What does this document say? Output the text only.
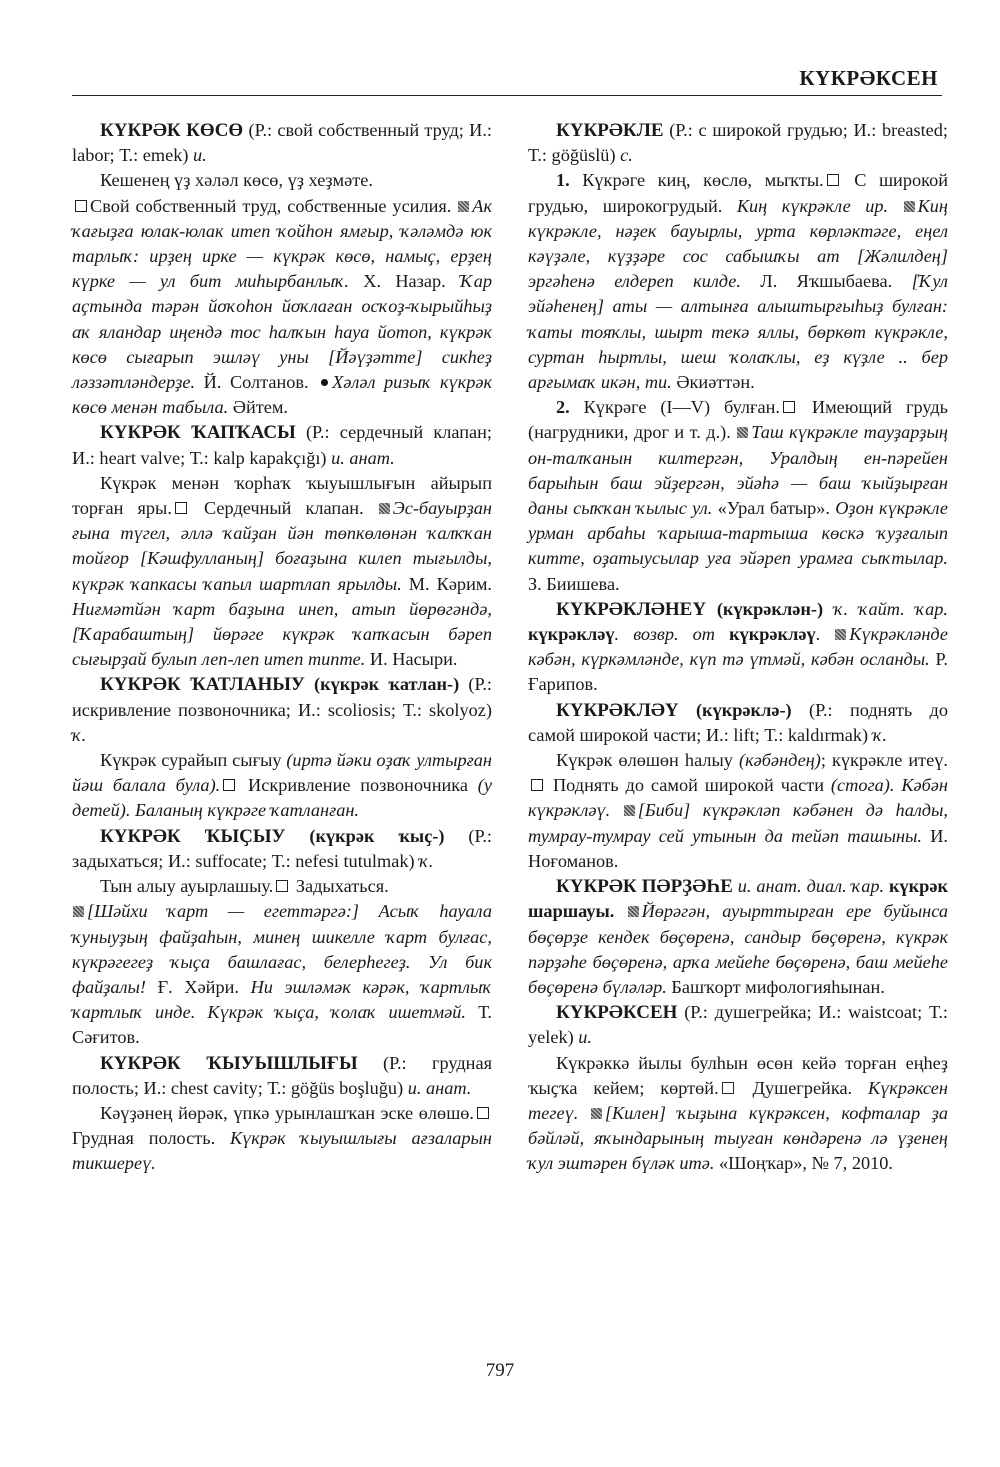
КҮКРӘКСЕН

КҮКРӘК КӨСӨ (Р.: свой собственный труд; И.: labor; Т.: emek) и.

Кешенең үҙ хәләл көсө, үҙ хеҙмәте.

Свой собственный труд, собственные усилия. Ак ҡағыҙға юлак-юлак итеп ҡойһон ямғыр, ҡәләмдә юк тарлыҡ: ирҙең ирке — күкрәк көсө, намыҫ, ерҙең күрке — ул бит миһырбанлыҡ. Х. Назар. Ҡар аҫтында тәрән йоҡоһон йоҡлаған осҡоҙ-ҡырыйһыҙ аҡ яландар иңендә тос һалҡын һауа йотоп, күкрәк көсө сығарып эшләү уны [Йәүҙәтте] сикһеҙ ләззәтләндерҙе. Й. Солтанов. Хәләл ризыҡ күкрәк көсө менән табыла. Әйтем.

КҮКРӘК ҠАПҠАСЫ (Р.: сердечный клапан; И.: heart valve; Т.: kalp kapakçığı) и. анат.

Күкрәк менән ҡорһаҡ ҡыуышлығын айырып торған яры. Сердечный клапан. Эс-бауырҙан ғына түгел, әллә ҡайҙан йән төпкөлөнән ҡалҡҡан тойғор [Кәшфулланың] боғаҙына килеп тығылды, күкрәк ҡапкасы ҡапыл шартлап ярылды. М. Кәрим. Ниғмәтйән ҡарт баҙына инеп, атып йөрөгәндә, [Ҡарабаштың] йөрәге күкрәк ҡапҡасын бәреп сығырҙай булып леп-леп итеп типте. И. Насыри.

КҮКРӘК ҠАТЛАНЫУ (күкрәк ҡатлан-) (Р.: искривление позвоночника; И.: scoliosis; Т.: skolyoz) ҡ.

Күкрәк сурайып сығыу (иртә йәки оҙаҡ ултырған йәш балала була). Искривление позвоночника (у детей). Баланың күкрәге ҡатланған.

КҮКРӘК ҠЫҪЫУ (күкрәк ҡыҫ-) (Р.: задыхаться; И.: suffocate; Т.: nefesi tutulmak) ҡ.

Тын алыу ауырлашыу. Задыхаться.

[Шәйхи ҡарт — егеттәргә:] Асыҡ һауала ҡуныуҙың файҙаһын, минең шикелле ҡарт булғас, күкрәгегеҙ ҡыҫа башлағас, белерһегеҙ. Ул бик файҙалы! Ғ. Хәйри. Ни эшләмәк кәрәк, ҡартлыҡ ҡартлыҡ инде. Күкрәк ҡыҫа, ҡолаҡ ишетмәй. Т. Сәғитов.

КҮКРӘК ҠЫУЫШЛЫҒЫ (Р.: грудная полость; И.: chest cavity; Т.: göğüs boşluğu) и. анат.

Кәүҙәнең йөрәк, үпкә урынлашҡан эске өлөшө. Грудная полость. Күкрәк ҡыуышлығы ағзаларын тикшереү.

КҮКРӘКЛЕ (Р.: с широкой грудью; И.: breasted; Т.: göğüslü) с.

1. Күкрәге киң, көслө, мыҡты. С широкой грудью, широкогрудый. Киң күкрәкле ир. Киң күкрәкле, нәҙек бауырлы, урта көрләктәге, еңел кәүҙәле, күҙҙәре сос сабышҡы ат [Жәлилдең] эргәһенә елдереп килде. Л. Яҡшыбаева. [Ҡул эйәһенең] аты — алтынға алыштырғыһыҙ булған: ҡаты тояҡлы, шырт текә яллы, бөркөт күкрәкле, суртан һыртлы, шеш ҡолаҡлы, еҙ күҙле .. бер арғымаҡ икән, ти. Әкиәттән.

2. Күкрәге (I—V) булған. Имеющий грудь (нагрудники, дрог и т. д.). Таш күкрәкле тауҙарҙың он-талҡанын килтергән, Уралдың ен-пәрейен барыһын баш эйҙергән, эйәһә — баш ҡыйҙырған даны сыҡҡан ҡылыс ул. «Урал батыр». Оҙон күкрәкле урман арбаһы ҡарыша-тартыша көскә ҡуҙғалып китте, оҙатыусылар уға эйәреп урамға сыҡтылар. З. Биишева.

КҮКРӘКЛӘНЕҮ (күкрәклән-) ҡ. ҡайт. ҡар. күкрәкләү. возвр. от күкрәкләү. Күкрәкләнде кәбән, күркәмләнде, күп тә үтмәй, кәбән осланды. Р. Ғарипов.

КҮКРӘКЛӘҮ (күкрәклә-) (Р.: поднять до самой широкой части; И.: lift; Т.: kaldırmak) ҡ.

Күкрәк өлөшөн һалыу (кәбәндең); күкрәкле итеү. Поднять до самой широкой части (стога). Кәбән күкрәкләү. [Биби] күкрәкләп кәбәнен дә һалды, тумрау-тумрау сей утынын да тейәп ташыны. И. Ноғоманов.

КҮКРӘК ПӘРҘӘҺЕ и. анат. диал. ҡар. күкрәк шаршауы. Йөрәгән, ауырттырған ере буйынса бөҫөрҙе кендек бөҫөренә, сандыр бөҫөренә, күкрәк пәрҙәһе бөҫөренә, арҡа мейеһе бөҫөренә, баш мейеһе бөҫөренә бүләләр. Башҡорт мифологияһынан.

КҮКРӘКСЕН (Р.: душегрейка; И.: waistcoat; Т.: yelek) и.

Күкрәккә йылы булһын өсөн кейә торған еңһеҙ ҡыҫҡа кейем; көртөй. Душегрейка. Күкрәксен тегеү. [Килен] ҡыҙына күкрәксен, кофталар ҙа бәйләй, яҡындарының тыуған көндәренә лә үҙенең ҡул эштәрен бүләк итә. «Шоңҡар», № 7, 2010.

797
